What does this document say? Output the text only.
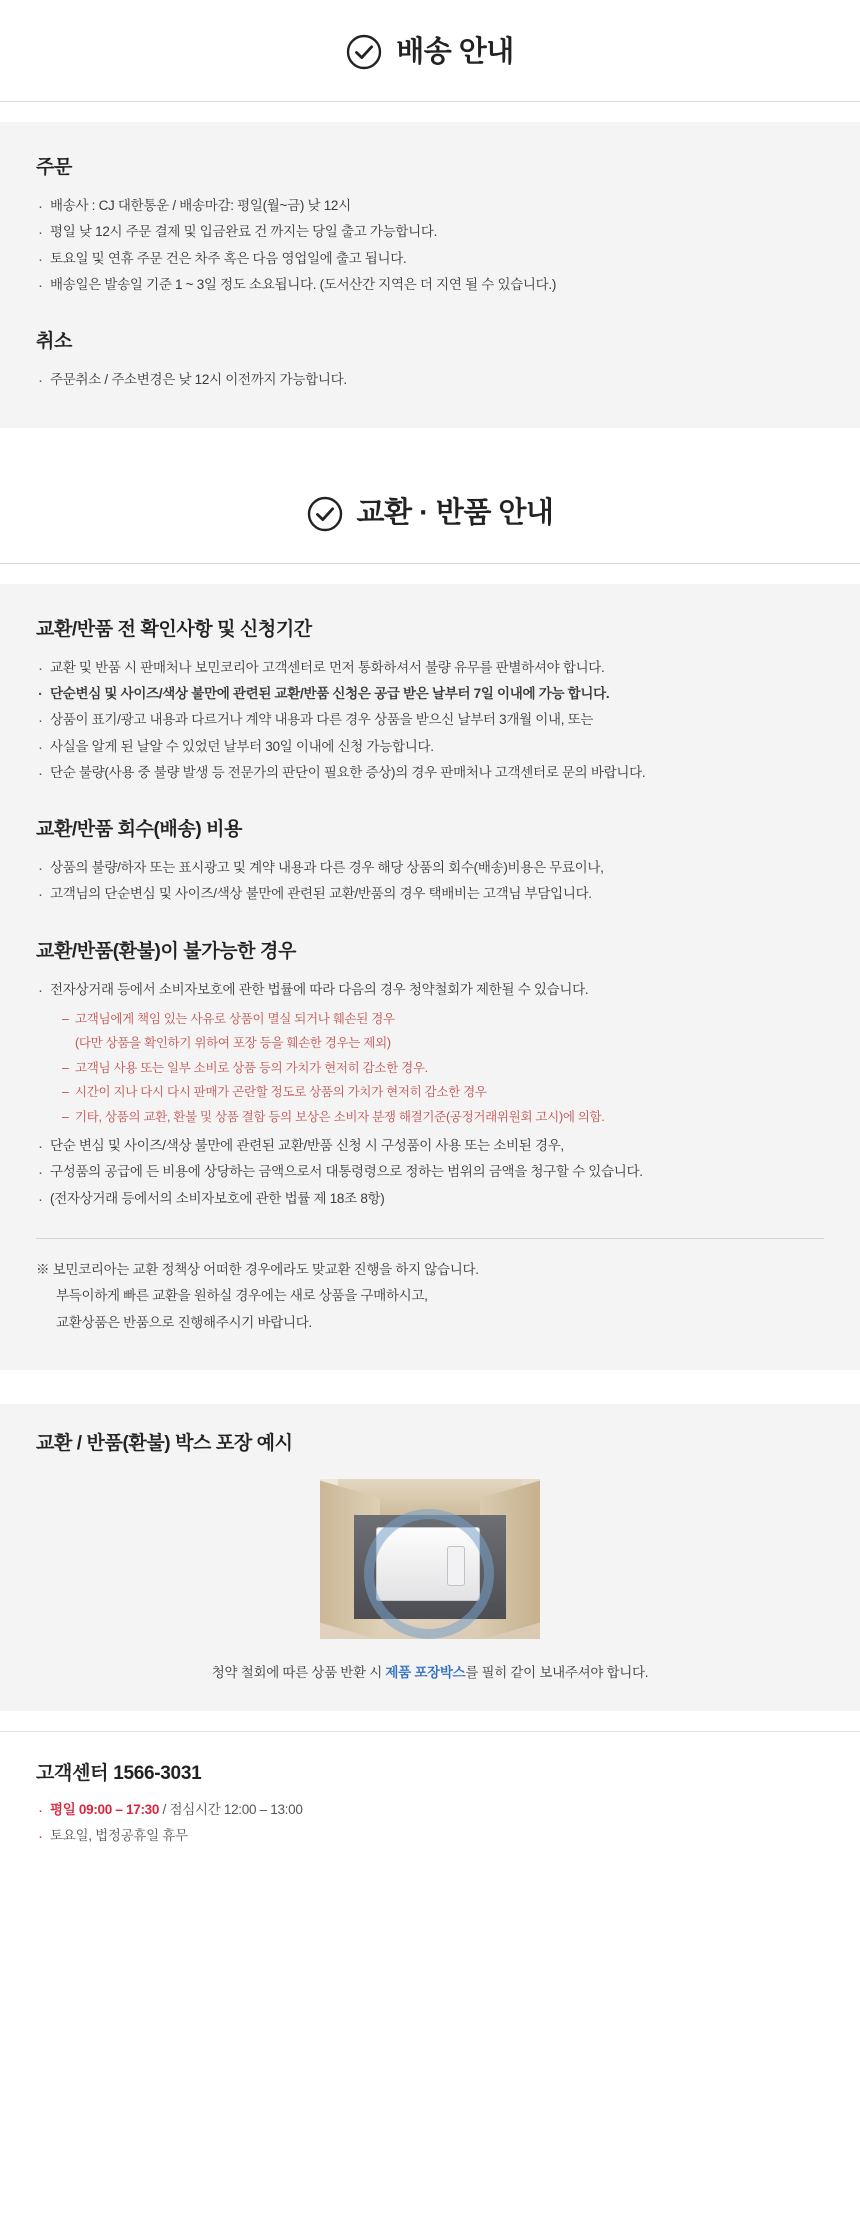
배송 안내
주문
· 배송사 : CJ 대한통운 / 배송마감: 평일(월~금) 낮 12시
· 평일 낮 12시 주문 결제 및 입금완료 건 까지는 당일 출고 가능합니다.
· 토요일 및 연휴 주문 건은 차주 혹은 다음 영업일에 출고 됩니다.
· 배송일은 발송일 기준 1 ~ 3일 정도 소요됩니다. (도서산간 지역은 더 지연 될 수 있습니다.)
취소
· 주문취소 / 주소변경은 낮 12시 이전까지 가능합니다.
교환 · 반품 안내
교환/반품 전 확인사항 및 신청기간
· 교환 및 반품 시 판매처나 보민코리아 고객센터로 먼저 통화하셔서 불량 유무를 판별하셔야 합니다.
· 단순변심 및 사이즈/색상 불만에 관련된 교환/반품 신청은 공급 받은 날부터 7일 이내에 가능 합니다.
· 상품이 표기/광고 내용과 다르거나 계약 내용과 다른 경우 상품을 받으신 날부터 3개월 이내, 또는
· 사실을 알게 된 날알 수 있었던 날부터 30일 이내에 신청 가능합니다.
· 단순 불량(사용 중 불량 발생 등 전문가의 판단이 필요한 증상)의 경우 판매처나 고객센터로 문의 바랍니다.
교환/반품 회수(배송) 비용
· 상품의 불량/하자 또는 표시광고 및 계약 내용과 다른 경우 해당 상품의 회수(배송)비용은 무료이나,
· 고객님의 단순변심 및 사이즈/색상 불만에 관련된 교환/반품의 경우 택배비는 고객님 부담입니다.
교환/반품(환불)이 불가능한 경우
· 전자상거래 등에서 소비자보호에 관한 법률에 따라 다음의 경우 청약철회가 제한될 수 있습니다.
– 고객님에게 책임 있는 사유로 상품이 멸실 되거나 훼손된 경우
(다만 상품을 확인하기 위하여 포장 등을 훼손한 경우는 제외)
– 고객님 사용 또는 일부 소비로 상품 등의 가치가 현저히 감소한 경우.
– 시간이 지나 다시 다시 판매가 곤란할 정도로 상품의 가치가 현저히 감소한 경우
– 기타, 상품의 교환, 환불 및 상품 결함 등의 보상은 소비자 분쟁 해결기준(공정거래위원회 고시)에 의함.
· 단순 변심 및 사이즈/색상 불만에 관련된 교환/반품 신청 시 구성품이 사용 또는 소비된 경우,
· 구성품의 공급에 든 비용에 상당하는 금액으로서 대통령령으로 정하는 범위의 금액을 청구할 수 있습니다.
· (전자상거래 등에서의 소비자보호에 관한 법률 제 18조 8항)
※ 보민코리아는 교환 정책상 어떠한 경우에라도 맞교환 진행을 하지 않습니다.
부득이하게 빠른 교환을 원하실 경우에는 새로 상품을 구매하시고,
교환상품은 반품으로 진행해주시기 바랍니다.
교환 / 반품(환불) 박스 포장 예시
청약 철회에 따른 상품 반환 시 제품 포장박스를 필히 같이 보내주셔야 합니다.
고객센터 1566-3031
· 평일 09:00 – 17:30 / 점심시간 12:00 – 13:00
· 토요일, 법정공휴일 휴무
